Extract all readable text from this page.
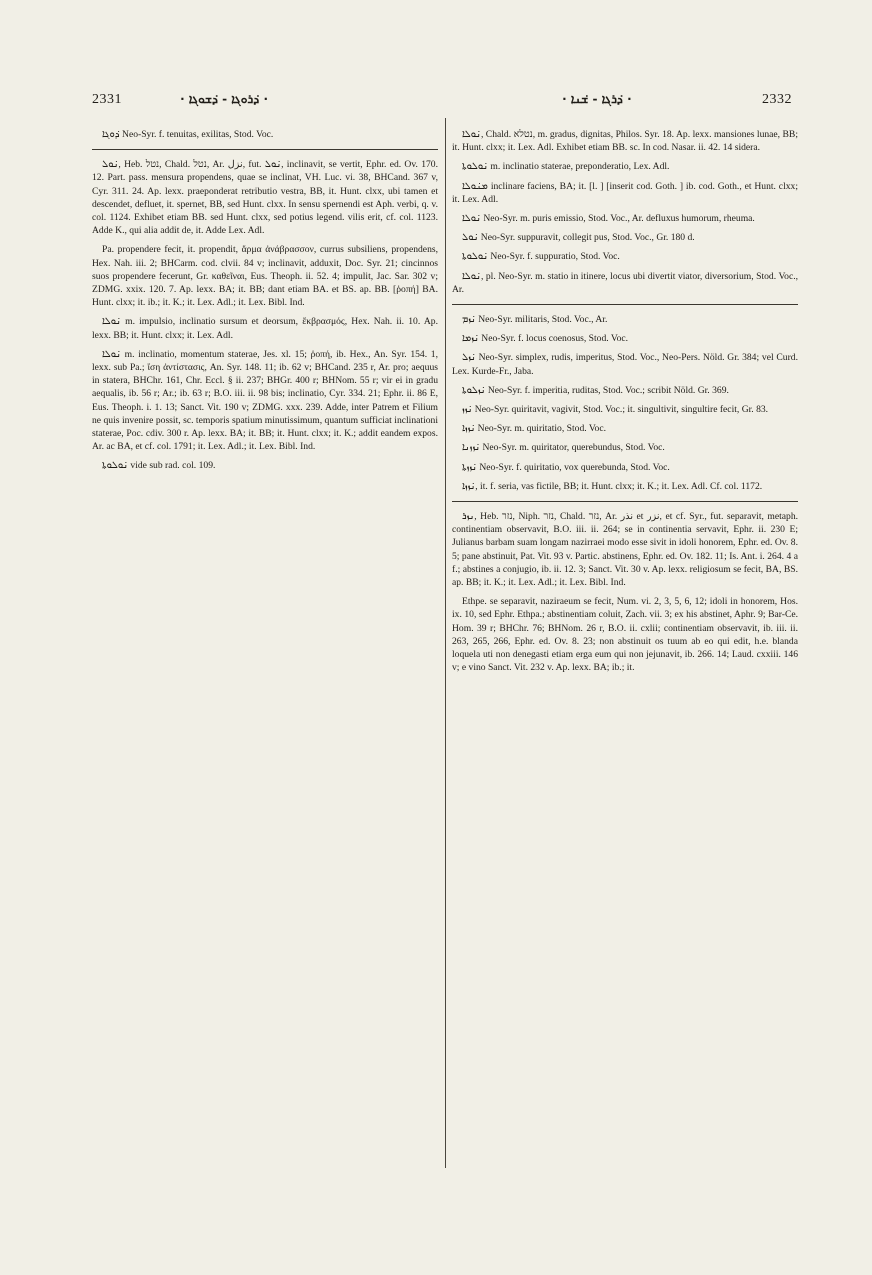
2331	∙ ܕ݁ܪܘܓܐ - ܕ݁ܫܘܓܐ ∙	∙ ܕ݁ܪܓܐ - ܫ݁ܢܐ ∙	2332

ܕ݁ܘܓܐ Neo-Syr. f. tenuitas, exilitas, Stod. Voc.

ܢ݁ܘܠ, Heb. נטל, Chald. נטל, Ar. نزل, fut. ܢ݁ܘܠ, inclinavit, se vertit, Ephr. ed. Ov. 170. 12. Part. pass. mensura propendens, quae se inclinat, VH. Luc. vi. 38, BHCand. 367 v, Cyr. 311. 24. Ap. lexx. praeponderat retributio vestra, BB, it. Hunt. clxx, ubi tamen et descendet, defluet, it. spernet, BB, sed Hunt. clxx. In sensu spernendi est Aph. verbi, q. v. col. 1124. Exhibet etiam BB. sed Hunt. clxx, sed potius legend. vilis erit, cf. col. 1123. Adde K., qui alia addit de, it. Adde Lex. Adl.

Pa. propendere fecit, it. propendit, ἅρμα ἀνάβρασσον, currus subsiliens, propendens, Hex. Nah. iii. 2; BHCarm. cod. clvii. 84 v; inclinavit, adduxit, Doc. Syr. 21; cincinnos suos propendere fecerunt, Gr. καθεῖναι, Eus. Theoph. ii. 52. 4; impulit, Jac. Sar. 302 v; ZDMG. xxix. 120. 7. Ap. lexx. BA; it. BB; dant etiam BA. et BS. ap. BB. [ῥοπή] BA. Hunt. clxx; it. ib.; it. K.; it. Lex. Adl.; it. Lex. Bibl. Ind.

ܢ݁ܘܠܐ m. impulsio, inclinatio sursum et deorsum, ἔκβρασμός, Hex. Nah. ii. 10. Ap. lexx. BB; it. Hunt. clxx; it. Lex. Adl.

ܢ݁ܘܠܐ m. inclinatio, momentum staterae, Jes. xl. 15; ῥοπή, ib. Hex., An. Syr. 154. 1, lexx. sub Pa.; ἴση ἀντίστασις, An. Syr. 148. 11; ib. 62 v; BHCand. 235 r, Ar. pro; aequus in statera, BHChr. 161, Chr. Eccl. § ii. 237; BHGr. 400 r; BHNom. 55 r; vir ei in gradu aequalis, ib. 56 r; Ar.; ib. 63 r; B.O. iii. ii. 98 bis; inclinatio, Cyr. 334. 21; Ephr. ii. 86 E, Eus. Theoph. i. 1. 13; Sanct. Vit. 190 v; ZDMG. xxx. 239. Adde, inter Patrem et Filium ne quis invenire possit, sc. temporis spatium minutissimum, quantum sufficiat inclinationi staterae, Poc. cdiv. 300 r. Ap. lexx. BA; it. BB; it. Hunt. clxx; it. K.; addit eandem expos. Ar. ac BA, et cf. col. 1791; it. Lex. Adl.; it. Lex. Bibl. Ind.

ܢ݁ܘܠܘܬܐ vide sub rad. col. 109.

ܢ݁ܘܠܐ, Chald. נטלא, m. gradus, dignitas, Philos. Syr. 18. Ap. lexx. mansiones lunae, BB; it. Hunt. clxx; it. Lex. Adl. Exhibet etiam BB. sc. In cod. Nasar. ii. 42. 14 sidera.

ܢ݁ܘܠܘܬܐ m. inclinatio staterae, preponderatio, Lex. Adl.

ܡܢ݁ܘܠܐ inclinare faciens, BA; it. [l. ] [inserit cod. Goth. ] ib. cod. Goth., et Hunt. clxx; it. Lex. Adl.

ܢ݁ܘܠܐ Neo-Syr. m. puris emissio, Stod. Voc., Ar. defluxus humorum, rheuma.

ܢ݁ܘܠ Neo-Syr. suppuravit, collegit pus, Stod. Voc., Gr. 180 d.

ܢ݁ܘܠܘܬܐ Neo-Syr. f. suppuratio, Stod. Voc.

ܢ݁ܘܠܐ, pl. Neo-Syr. m. statio in itinere, locus ubi divertit viator, diversorium, Stod. Voc., Ar.

ܢ݁ܙܡ Neo-Syr. militaris, Stod. Voc., Ar.

ܢ݁ܙܡܐ Neo-Syr. f. locus coenosus, Stod. Voc.

ܢ݁ܙܠ Neo-Syr. simplex, rudis, imperitus, Stod. Voc., Neo-Pers. Nöld. Gr. 384; vel Curd. Lex. Kurde-Fr., Jaba.

ܢ݁ܙܠܘܬܐ Neo-Syr. f. imperitia, ruditas, Stod. Voc.; scribit Nöld. Gr. 369.

ܢ݁ܙܙ Neo-Syr. quiritavit, vagivit, Stod. Voc.; it. singultivit, singultire fecit, Gr. 83.

ܢ݁ܙܙܐ Neo-Syr. m. quiritatio, Stod. Voc.

ܢ݁ܙܙܢܐ Neo-Syr. m. quiritator, querebundus, Stod. Voc.

ܢ݁ܙܙܬܐ Neo-Syr. f. quiritatio, vox querebunda, Stod. Voc.

ܢ݁ܙܙܐ, it. f. seria, vas fictile, BB; it. Hunt. clxx; it. K.; it. Lex. Adl. Cf. col. 1172.

ܢܙܪ, Heb. נזר, Niph. נזר, Chald. נזר, Ar. نذر et نزر, et cf. Syr., fut. separavit, metaph. continentiam observavit, B.O. iii. ii. 264; se in continentia servavit, Ephr. ii. 230 E; Julianus barbam suam longam nazirraei modo esse sivit in idoli honorem, Ephr. ed. Ov. 8. 5; pane abstinuit, Pat. Vit. 93 v. Partic. abstinens, Ephr. ed. Ov. 182. 11; Is. Ant. i. 264. 4 a f.; abstines a conjugio, ib. ii. 12. 3; Sanct. Vit. 30 v. Ap. lexx. religiosum se fecit, BA, BS. ap. BB; it. K.; it. Lex. Adl.; it. Lex. Bibl. Ind.

Ethpe. se separavit, naziraeum se fecit, Num. vi. 2, 3, 5, 6, 12; idoli in honorem, Hos. ix. 10, sed Ephr. Ethpa.; abstinentiam coluit, Zach. vii. 3; ex his abstinet, Aphr. 9; Bar-Ce. Hom. 39 r; BHChr. 76; BHNom. 26 r, B.O. ii. cxlii; continentiam observavit, ib. iii. ii. 263, 265, 266, Ephr. ed. Ov. 8. 23; non abstinuit os tuum ab eo qui edit, h.e. blanda loquela uti non denegasti etiam erga eum qui non jejunavit, ib. 266. 14; Laud. cxxiii. 146 v; e vino Sanct. Vit. 232 v. Ap. lexx. BA; ib.; it.
